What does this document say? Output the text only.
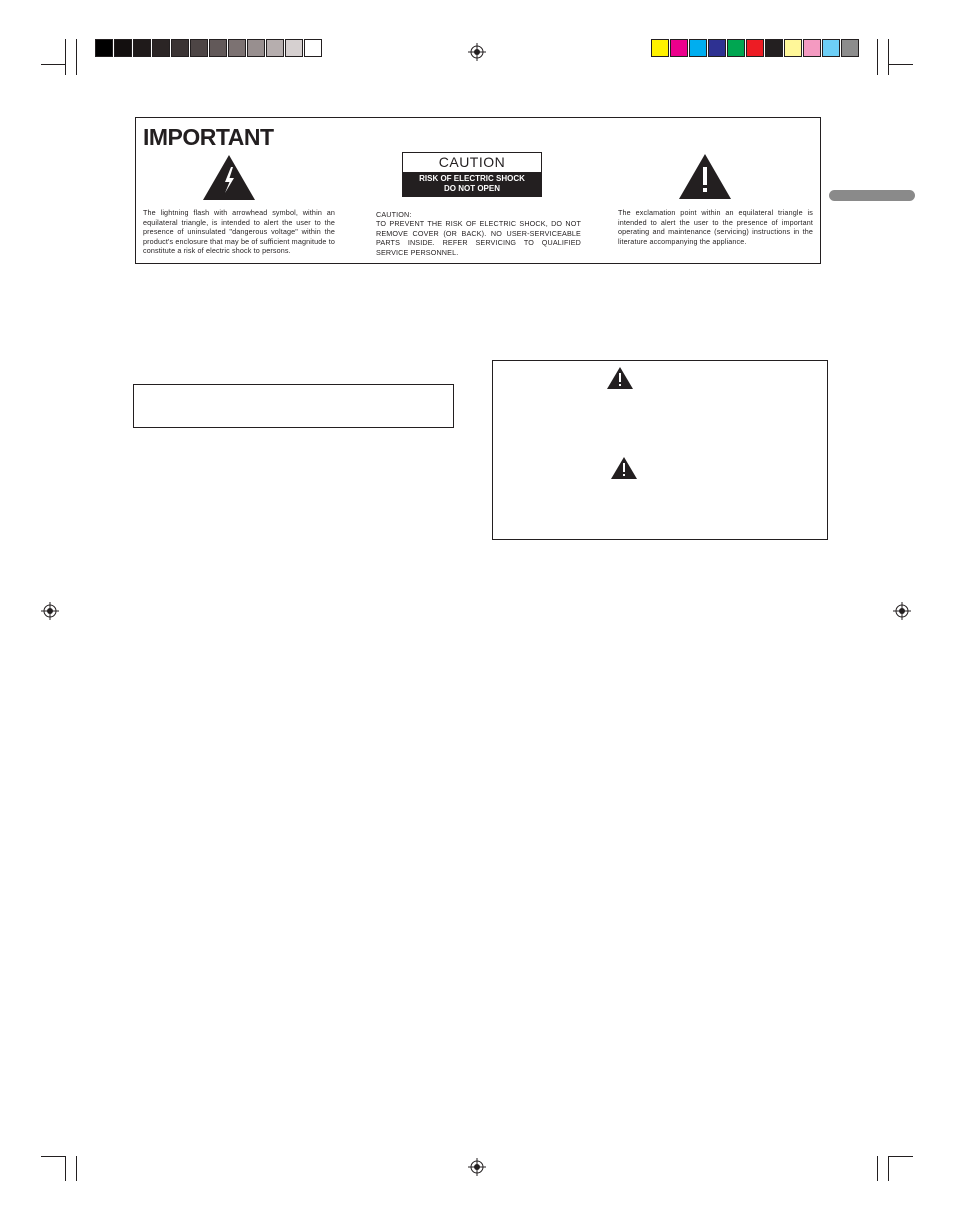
IMPORTANT
The lightning flash with arrowhead symbol, within an equilateral triangle, is intended to alert the user to the presence of uninsulated "dangerous voltage" within the product's enclosure that may be of sufficient magnitude to constitute a risk of electric shock to persons.
CAUTION
RISK OF ELECTRIC SHOCK
DO NOT OPEN
CAUTION:
TO PREVENT THE RISK OF ELECTRIC SHOCK, DO NOT REMOVE COVER (OR BACK). NO USER-SERVICEABLE PARTS INSIDE. REFER SERVICING TO QUALIFIED SERVICE PERSONNEL.
The exclamation point within an equilateral triangle is intended to alert the user to the presence of important operating and maintenance (servicing) instructions in the literature accompanying the appliance.
